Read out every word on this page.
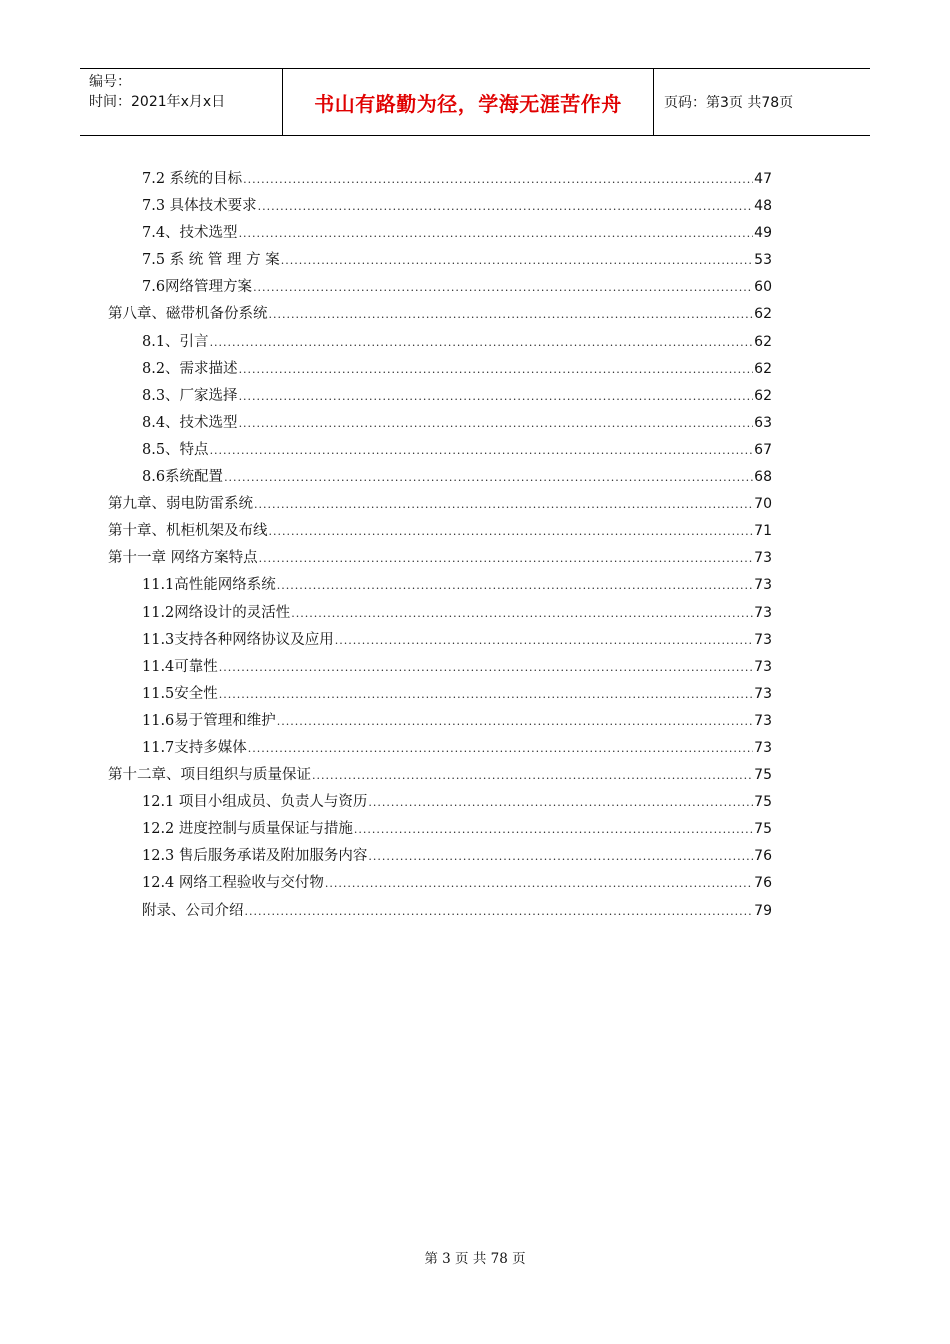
编号：
时间：2021年x月x日	书山有路勤为径，学海无涯苦作舟	页码：第3页 共78页
7.2 系统的目标 .....	47
7.3 具体技术要求 .....	48
7.4、技术选型 .....	49
7.5 系 统 管 理 方 案 .....	53
7.6网络管理方案 .....	60
第八章、磁带机备份系统 .....	62
8.1、引言 .....	62
8.2、需求描述 .....	62
8.3、厂家选择 .....	62
8.4、技术选型 .....	63
8.5、特点 .....	67
8.6系统配置 .....	68
第九章、弱电防雷系统 .....	70
第十章、机柜机架及布线 .....	71
第十一章 网络方案特点 .....	73
11.1高性能网络系统 .....	73
11.2网络设计的灵活性 .....	73
11.3支持各种网络协议及应用 .....	73
11.4可靠性 .....	73
11.5安全性 .....	73
11.6易于管理和维护 .....	73
11.7支持多媒体 .....	73
第十二章、项目组织与质量保证 .....	75
12.1 项目小组成员、负责人与资历 .....	75
12.2 进度控制与质量保证与措施 .....	75
12.3 售后服务承诺及附加服务内容 .....	76
12.4 网络工程验收与交付物 .....	76
附录、公司介绍 .....	79
第 3 页 共 78 页
